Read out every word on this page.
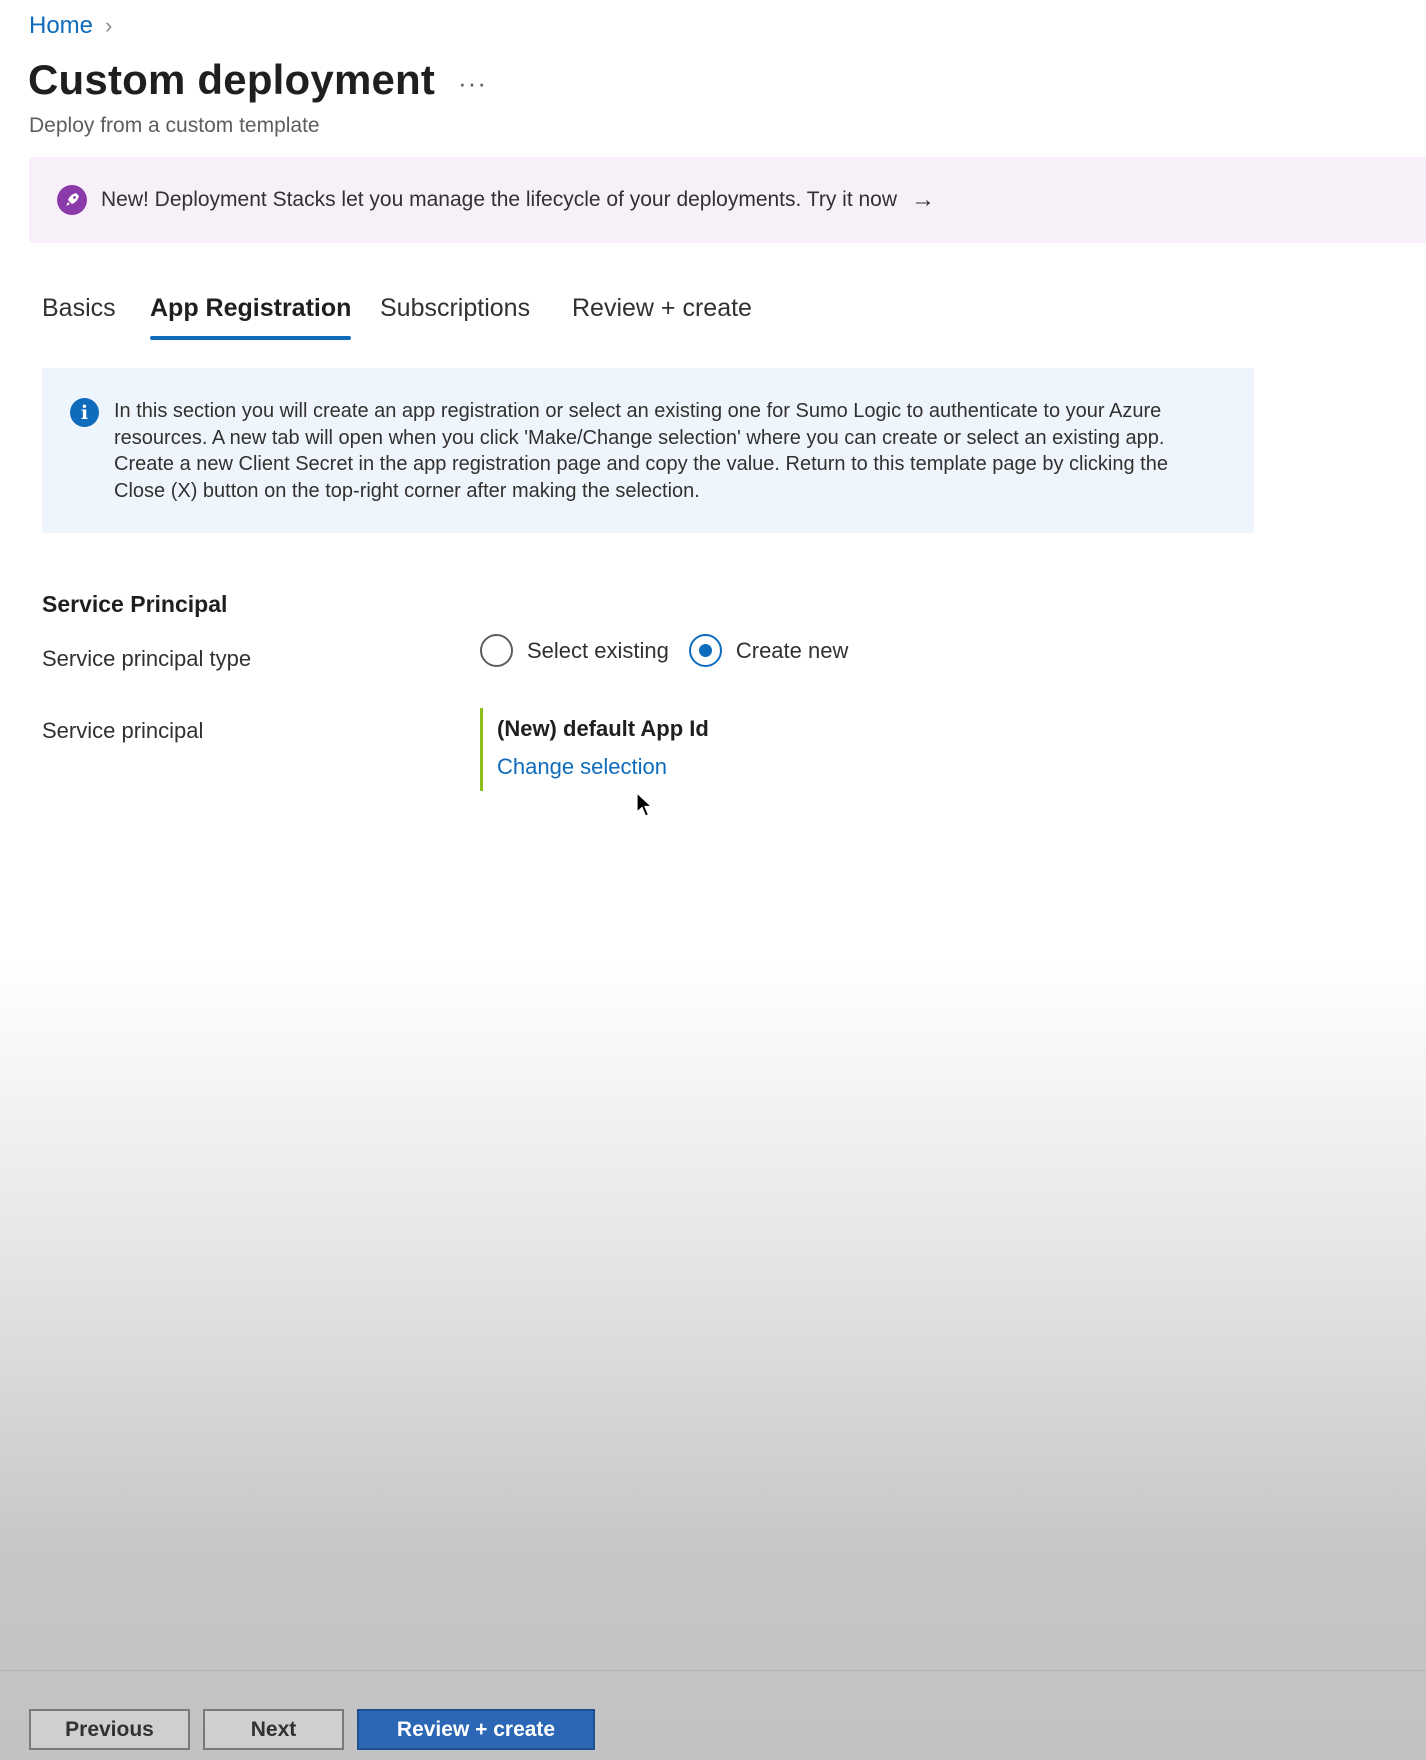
Home ›
Custom deployment ···
Deploy from a custom template
New! Deployment Stacks let you manage the lifecycle of your deployments. Try it now →
Basics App Registration Subscriptions Review + create
i	In this section you will create an app registration or select an existing one for Sumo Logic to authenticate to your Azure resources. A new tab will open when you click 'Make/Change selection' where you can create or select an existing app. Create a new Client Secret in the app registration page and copy the value. Return to this template page by clicking the Close (X) button on the top-right corner after making the selection.

Service Principal
Service principal type	Select existing	Create new
Service principal	(New) default App Id
Change selection
Previous	Next	Review + create
